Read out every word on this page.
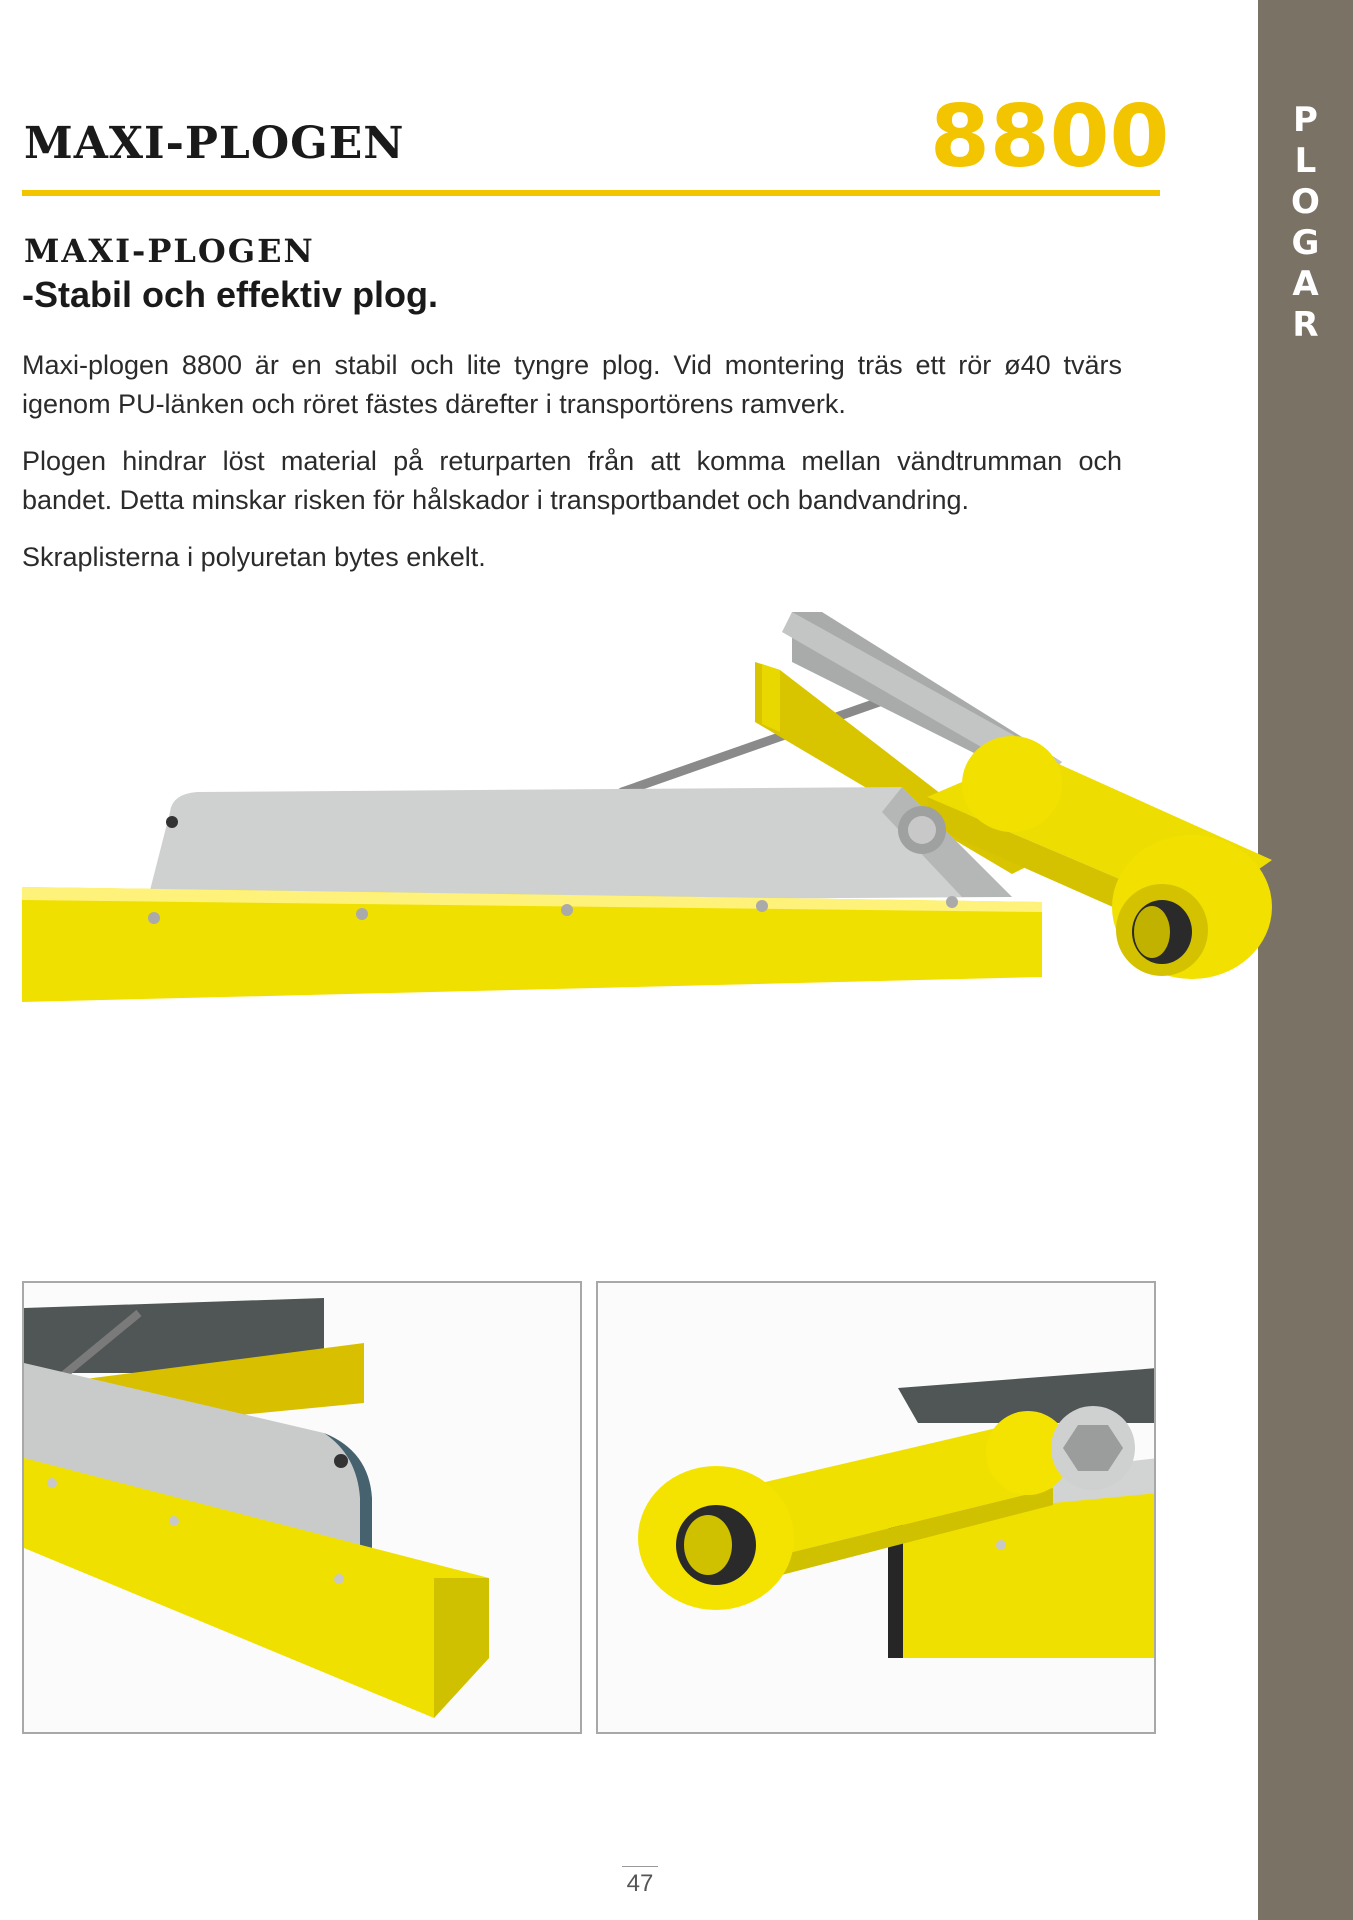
P
L
O
G
A
R
MAXI-PLOGEN	8800
MAXI-PLOGEN
-Stabil och effektiv plog.

Maxi-plogen 8800 är en stabil och lite tyngre plog. Vid montering träs ett rör ø40 tvärs igenom PU-länken och röret fästes därefter i transportörens ramverk.

Plogen hindrar löst material på returparten från att komma mellan vändtrumman och bandet. Detta minskar risken för hålskador i transportbandet och bandvandring.

Skraplisterna i polyuretan bytes enkelt.

47
